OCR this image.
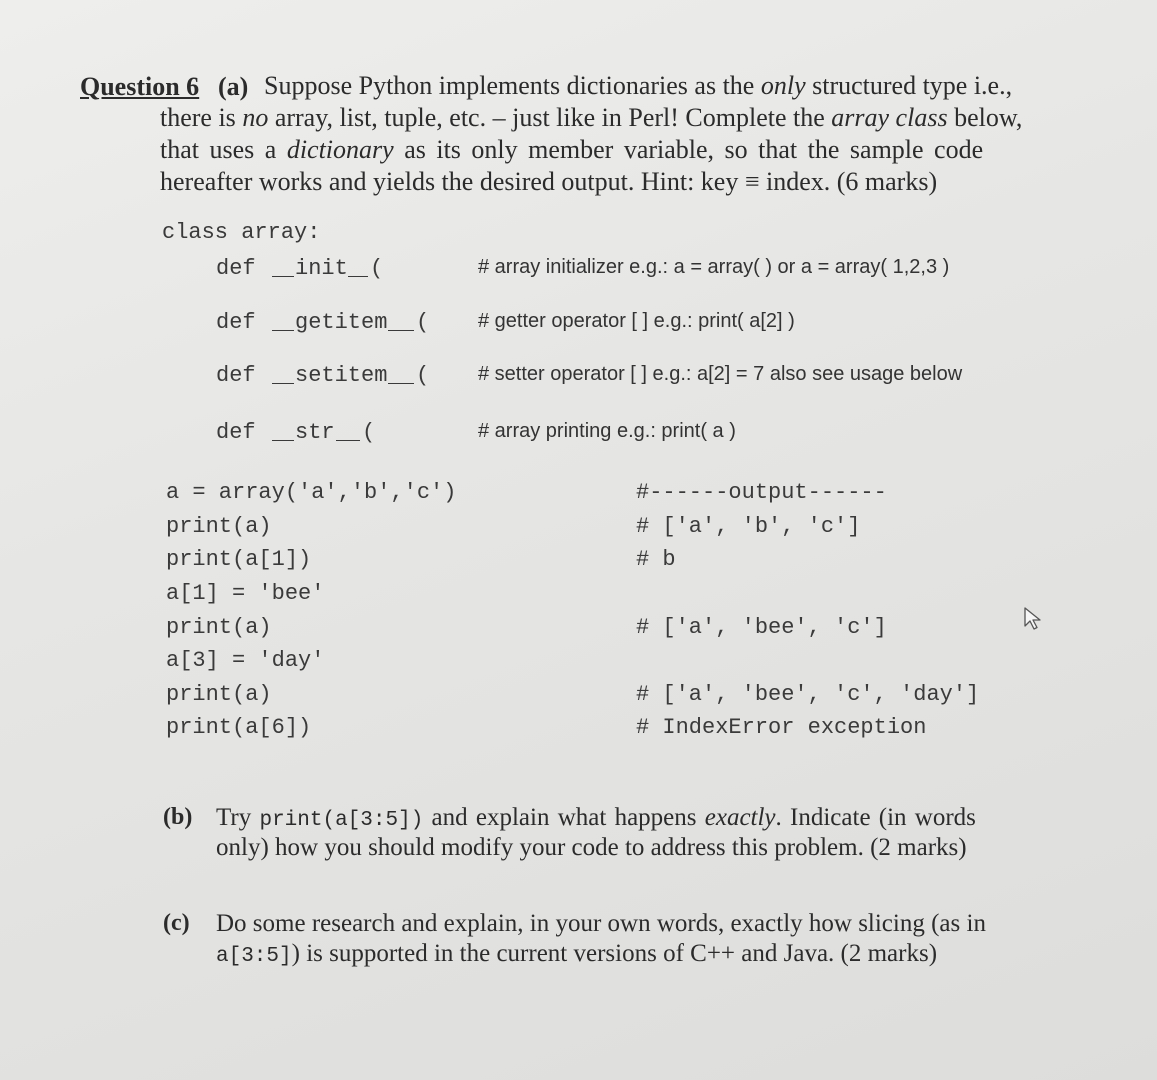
Question 6 (a) Suppose Python implements dictionaries as the only structured type i.e.,
there is no array, list, tuple, etc. – just like in Perl! Complete the array class below,
that uses a dictionary as its only member variable, so that the sample code
hereafter works and yields the desired output. Hint: key ≡ index. (6 marks)
class array:
def init (	# array initializer e.g.: a = array( ) or a = array( 1,2,3 )
def getitem ( # getter operator [ ] e.g.: print( a[2] )
def setitem ( # setter operator [ ] e.g.: a[2] = 7 also see usage below
def str (	# array printing e.g.: print( a )
a = array('a','b','c')
print(a)
print(a[1])
a[1] = 'bee'
print(a)
a[3] = 'day'
print(a)
print(a[6])
#------output------
# ['a', 'b', 'c']
# b
# ['a', 'bee', 'c']
# ['a', 'bee', 'c', 'day']
# IndexError exception
(b) Try print(a[3:5]) and explain what happens exactly. Indicate (in words
only) how you should modify your code to address this problem. (2 marks)
(c) Do some research and explain, in your own words, exactly how slicing (as in
a[3:5]) is supported in the current versions of C++ and Java. (2 marks)
